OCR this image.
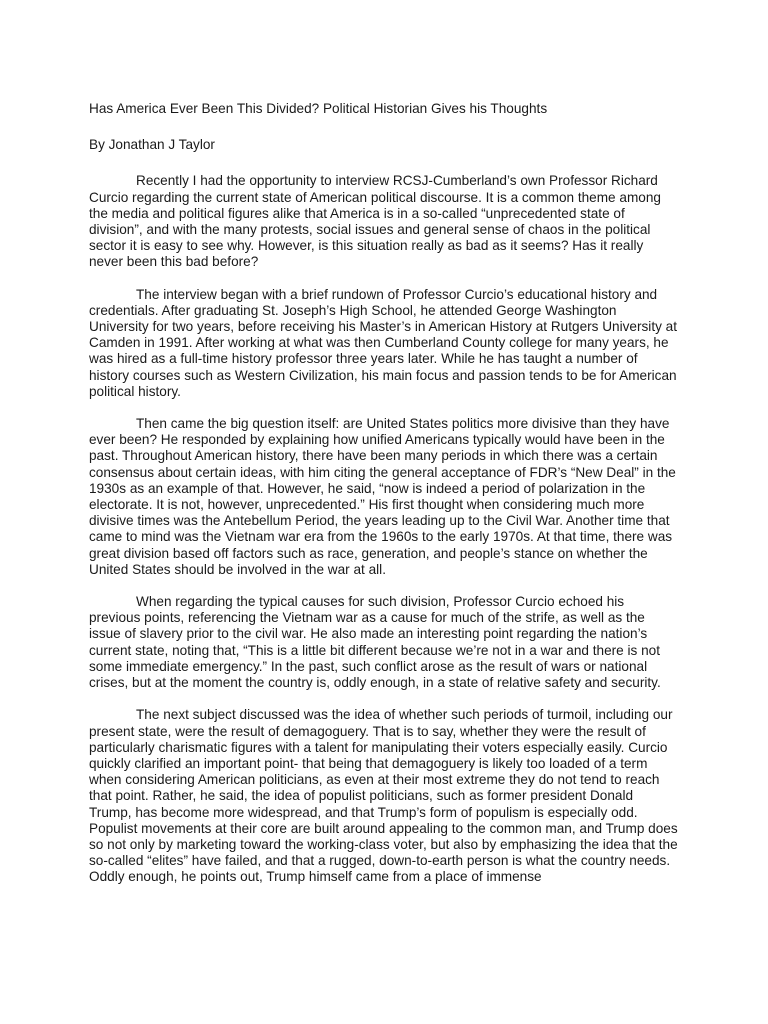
Has America Ever Been This Divided? Political Historian Gives his Thoughts

By Jonathan J Taylor

Recently I had the opportunity to interview RCSJ-Cumberland’s own Professor Richard Curcio regarding the current state of American political discourse. It is a common theme among the media and political figures alike that America is in a so-called “unprecedented state of division”, and with the many protests, social issues and general sense of chaos in the political sector it is easy to see why. However, is this situation really as bad as it seems? Has it really never been this bad before?

The interview began with a brief rundown of Professor Curcio’s educational history and credentials. After graduating St. Joseph’s High School, he attended George Washington University for two years, before receiving his Master’s in American History at Rutgers University at Camden in 1991. After working at what was then Cumberland County college for many years, he was hired as a full-time history professor three years later. While he has taught a number of history courses such as Western Civilization, his main focus and passion tends to be for American political history.

Then came the big question itself: are United States politics more divisive than they have ever been? He responded by explaining how unified Americans typically would have been in the past. Throughout American history, there have been many periods in which there was a certain consensus about certain ideas, with him citing the general acceptance of FDR’s “New Deal” in the 1930s as an example of that. However, he said, “now is indeed a period of polarization in the electorate. It is not, however, unprecedented.” His first thought when considering much more divisive times was the Antebellum Period, the years leading up to the Civil War. Another time that came to mind was the Vietnam war era from the 1960s to the early 1970s. At that time, there was great division based off factors such as race, generation, and people’s stance on whether the United States should be involved in the war at all.

When regarding the typical causes for such division, Professor Curcio echoed his previous points, referencing the Vietnam war as a cause for much of the strife, as well as the issue of slavery prior to the civil war. He also made an interesting point regarding the nation’s current state, noting that, “This is a little bit different because we’re not in a war and there is not some immediate emergency.” In the past, such conflict arose as the result of wars or national crises, but at the moment the country is, oddly enough, in a state of relative safety and security.

The next subject discussed was the idea of whether such periods of turmoil, including our present state, were the result of demagoguery. That is to say, whether they were the result of particularly charismatic figures with a talent for manipulating their voters especially easily. Curcio quickly clarified an important point- that being that demagoguery is likely too loaded of a term when considering American politicians, as even at their most extreme they do not tend to reach that point. Rather, he said, the idea of populist politicians, such as former president Donald Trump, has become more widespread, and that Trump’s form of populism is especially odd. Populist movements at their core are built around appealing to the common man, and Trump does so not only by marketing toward the working-class voter, but also by emphasizing the idea that the so-called “elites” have failed, and that a rugged, down-to-earth person is what the country needs. Oddly enough, he points out, Trump himself came from a place of immense
